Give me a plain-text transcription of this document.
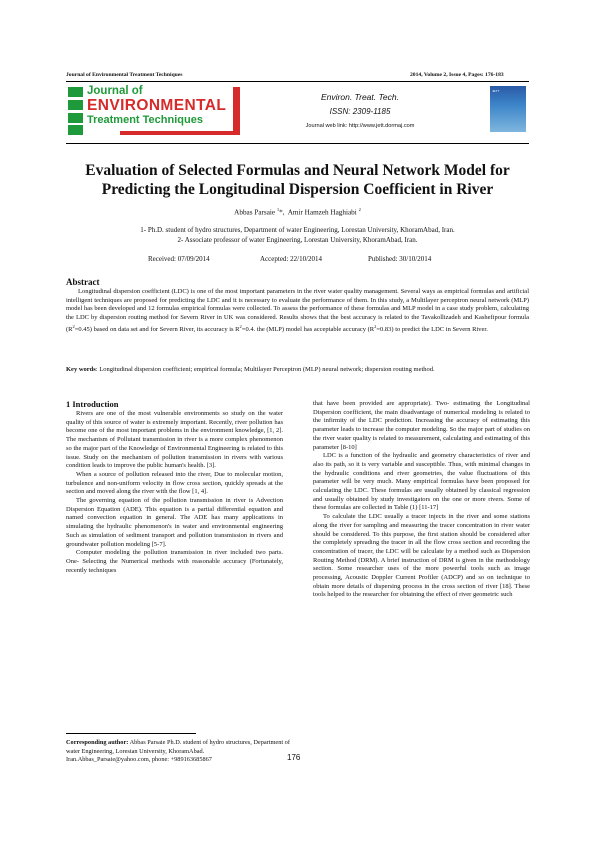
Journal of Environmental Treatment Techniques	2014, Volume 2, Issue 4, Pages: 176-183
Journal of
ENVIRONMENTAL
Treatment Techniques
Environ. Treat. Tech.
ISSN: 2309-1185
Journal web link: http://www.jett.dormaj.com
JETT
Evaluation of Selected Formulas and Neural Network Model for
Predicting the Longitudinal Dispersion Coefficient in River
Abbas Parsaie $^1$*,  Amir Hamzeh Haghiabi $^2$
1- Ph.D. student of hydro structures, Department of water Engineering, Lorestan University, KhoramAbad, Iran.
2- Associate professor of water Engineering, Lorestan University, KhoramAbad, Iran.
Received: 07/09/2014	Accepted: 22/10/2014	Published: 30/10/2014
Abstract
Longitudinal dispersion coefficient (LDC) is one of the most important parameters in the river water quality management. Several ways as empirical formulas and artificial intelligent techniques are proposed for predicting the LDC and it is necessary to evaluate the performance of them. In this study, a Multilayer perceptron neural network (MLP) model has been developed and 12 formulas empirical formulas were collected. To assess the performance of these formulas and MLP model in a case study problem, calculating the LDC by dispersion routing method for Severn River in UK was considered. Results shows that the best accuracy is related to the Tavakollizadeh and Kashefipour formula $(R^2=0.45)$ based on data set and for Severn River, its accuracy is $R^2=0.4$. the (MLP) model has acceptable accuracy $(R^2=0.83)$ to predict the LDC in Severn River.
Key words: Longitudinal dispersion coefficient; empirical formula; Multilayer Perceptron (MLP) neural network; dispersion routing method.

1 Introduction

Rivers are one of the most vulnerable environments so study on the water quality of this source of water is extremely important. Recently, river pollution has become one of the most important problems in the environment knowledge, [1, 2]. The mechanism of Pollutant transmission in river is a more complex phenomenon so the major part of the Knowledge of Environmental Engineering is related to this issue. Study on the mechanism of pollution transmission in rivers with various condition leads to improve the public human's health. [3].

When a source of pollution released into the river, Due to molecular motion, turbulence and non-uniform velocity in flow cross section, quickly spreads at the section and moved along the river with the flow [1, 4].

The governing equation of the pollution transmission in river is Advection Dispersion Equation (ADE). This equation is a partial differential equation and named convection equation in general. The ADE has many applications in simulating the hydraulic phenomenon's in water and environmental engineering Such as simulation of sediment transport and pollution transmission in rivers and groundwater pollution modeling [5-7].

Computer modeling the pollution transmission in river included two parts. One- Selecting the Numerical methods with reasonable accuracy (Fortunately, recently techniques

that have been provided are appropriate). Two- estimating the Longitudinal Dispersion coefficient, the main disadvantage of numerical modeling is related to the infirmity of the LDC prediction. Increasing the accuracy of estimating this parameter leads to increase the computer modeling. So the major part of studies on the river water quality is related to measurement, calculating and estimating of this parameter [8-10]

LDC is a function of the hydraulic and geometry characteristics of river and also its path, so it is very variable and susceptible. Thus, with minimal changes in the hydraulic conditions and river geometries, the value fluctuations of this parameter will be very much. Many empirical formulas have been proposed for calculating the LDC. These formulas are usually obtained by classical regression and usually obtained by study investigators on the one or more rivers. Some of these formulas are collected in Table (1) [11-17]

To calculate the LDC usually a tracer injects in the river and some stations along the river for sampling and measuring the tracer concentration in river water should be considered. To this purpose, the first station should be considered after the completely spreading the tracer in all the flow cross section and recording the concentration of tracer, the LDC will be calculate by a method such as Dispersion Routing Method (DRM). A brief instruction of DRM is given in the methodology section. Some researcher uses of the more powerful tools such as image processing, Acoustic Doppler Current Profiler (ADCP) and so on technique to obtain more details of dispersing process in the cross section of river [18]. These tools helped to the researcher for obtaining the effect of river geometric such

Corresponding author: Abbas Parsaie Ph.D. student of hydro structures, Department of water Engineering, Lorestan University, KhoramAbad.
Iran.Abbas_Parsaie@yahoo.com, phone: +989163685867	176
